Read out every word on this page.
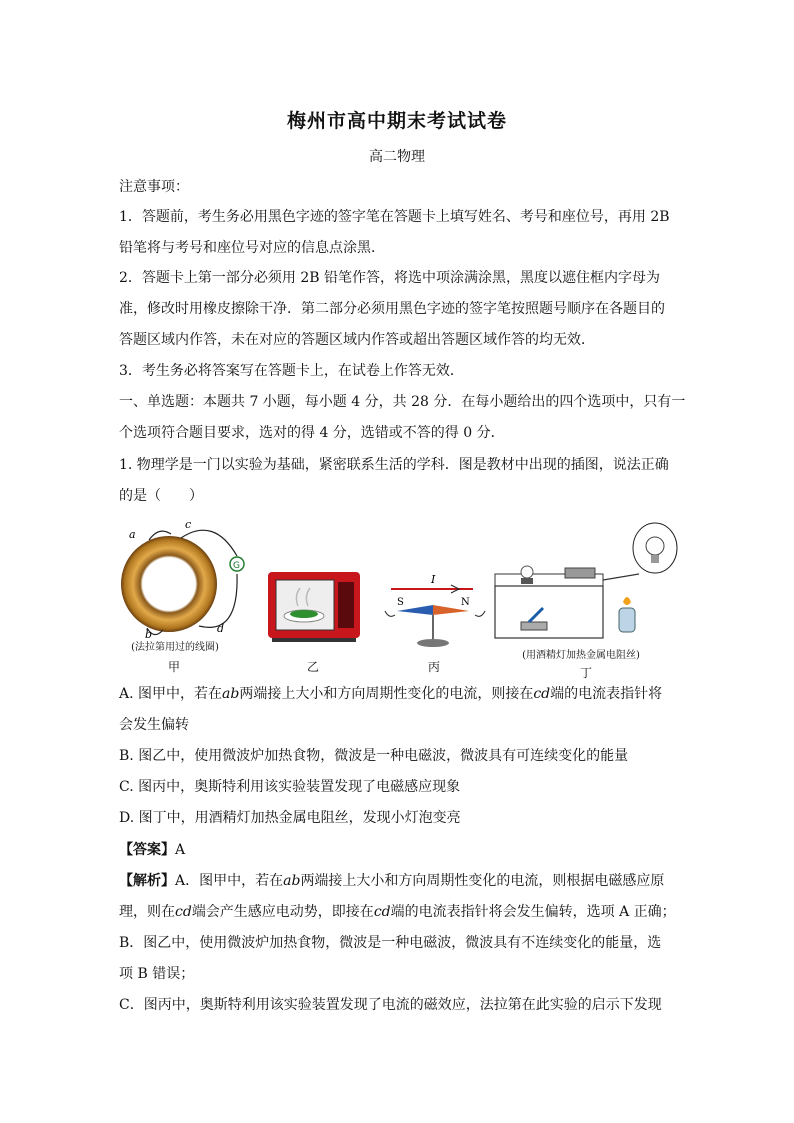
梅州市高中期末考试试卷
高二物理
注意事项：
1．答题前，考生务必用黑色字迹的签字笔在答题卡上填写姓名、考号和座位号，再用 2B
铅笔将与考号和座位号对应的信息点涂黑．
2．答题卡上第一部分必须用 2B 铅笔作答，将选中项涂满涂黑，黑度以遮住框内字母为
准，修改时用橡皮擦除干净．第二部分必须用黑色字迹的签字笔按照题号顺序在各题目的
答题区域内作答，未在对应的答题区域内作答或超出答题区域作答的均无效．
3．考生务必将答案写在答题卡上，在试卷上作答无效．
一、单选题：本题共 7 小题，每小题 4 分，共 28 分．在每小题给出的四个选项中，只有一
个选项符合题目要求，选对的得 4 分，选错或不答的得 0 分．
1. 物理学是一门以实验为基础，紧密联系生活的学科．图是教材中出现的插图，说法正确
的是（　　）
a
c
b	d
G
(法拉第用过的线圈)
甲	乙
I
S	N
丙
(用酒精灯加热金属电阻丝)
丁
A. 图甲中，若在ab两端接上大小和方向周期性变化的电流，则接在cd端的电流表指针将
会发生偏转
B. 图乙中，使用微波炉加热食物，微波是一种电磁波，微波具有可连续变化的能量
C. 图丙中，奥斯特利用该实验装置发现了电磁感应现象
D. 图丁中，用酒精灯加热金属电阻丝，发现小灯泡变亮
【答案】A
【解析】A．图甲中，若在ab两端接上大小和方向周期性变化的电流，则根据电磁感应原
理，则在cd端会产生感应电动势，即接在cd端的电流表指针将会发生偏转，选项 A 正确；
B．图乙中，使用微波炉加热食物，微波是一种电磁波，微波具有不连续变化的能量，选
项 B 错误；
C．图丙中，奥斯特利用该实验装置发现了电流的磁效应，法拉第在此实验的启示下发现
